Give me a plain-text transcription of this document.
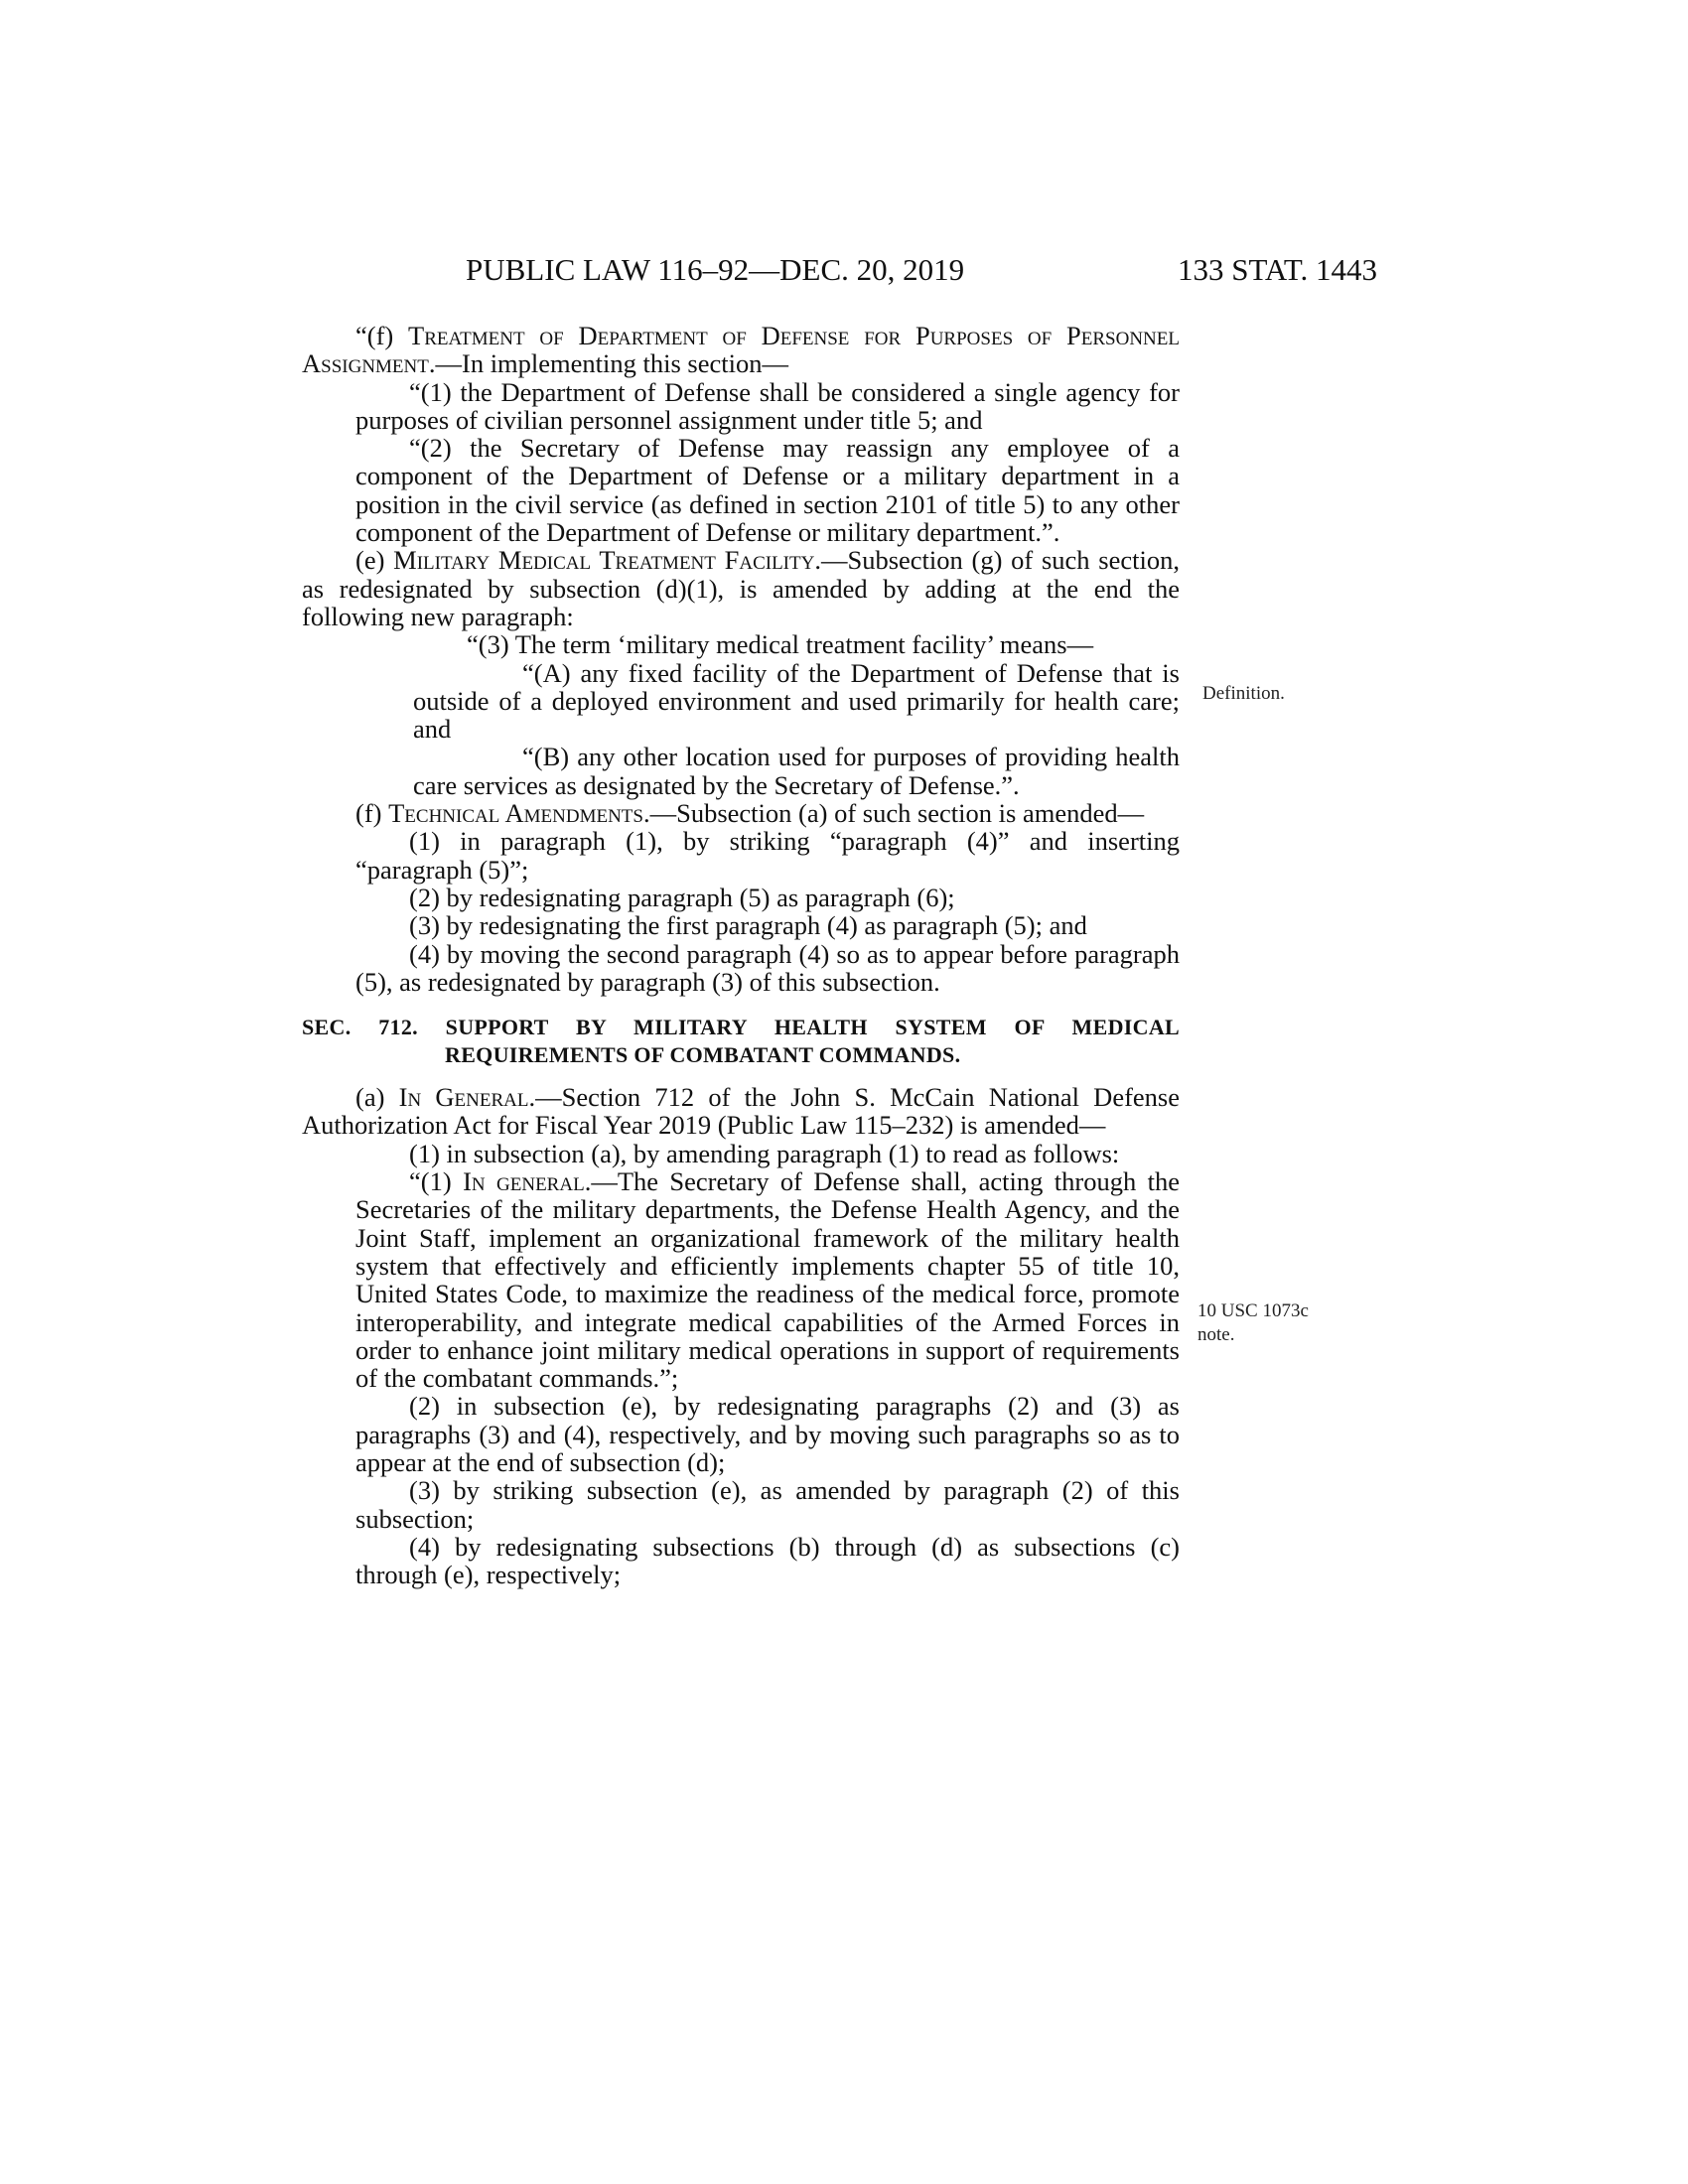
PUBLIC LAW 116–92—DEC. 20, 2019	133 STAT. 1443
Definition.
10 USC 1073c
note.

“(f) Treatment of Department of Defense for Purposes of Personnel Assignment.—In implementing this section—

“(1) the Department of Defense shall be considered a single agency for purposes of civilian personnel assignment under title 5; and

“(2) the Secretary of Defense may reassign any employee of a component of the Department of Defense or a military department in a position in the civil service (as defined in section 2101 of title 5) to any other component of the Department of Defense or military department.”.

(e) Military Medical Treatment Facility.—Subsection (g) of such section, as redesignated by subsection (d)(1), is amended by adding at the end the following new paragraph:

“(3) The term ‘military medical treatment facility’ means—

“(A) any fixed facility of the Department of Defense that is outside of a deployed environment and used primarily for health care; and

“(B) any other location used for purposes of providing health care services as designated by the Secretary of Defense.”.

(f) Technical Amendments.—Subsection (a) of such section is amended—

(1) in paragraph (1), by striking “paragraph (4)” and inserting “paragraph (5)”;

(2) by redesignating paragraph (5) as paragraph (6);

(3) by redesignating the first paragraph (4) as paragraph (5); and

(4) by moving the second paragraph (4) so as to appear before paragraph (5), as redesignated by paragraph (3) of this subsection.

SEC. 712. SUPPORT BY MILITARY HEALTH SYSTEM OF MEDICAL REQUIREMENTS OF COMBATANT COMMANDS.

(a) In General.—Section 712 of the John S. McCain National Defense Authorization Act for Fiscal Year 2019 (Public Law 115–232) is amended—

(1) in subsection (a), by amending paragraph (1) to read as follows:

“(1) In general.—The Secretary of Defense shall, acting through the Secretaries of the military departments, the Defense Health Agency, and the Joint Staff, implement an organizational framework of the military health system that effectively and efficiently implements chapter 55 of title 10, United States Code, to maximize the readiness of the medical force, promote interoperability, and integrate medical capabilities of the Armed Forces in order to enhance joint military medical operations in support of requirements of the combatant commands.”;

(2) in subsection (e), by redesignating paragraphs (2) and (3) as paragraphs (3) and (4), respectively, and by moving such paragraphs so as to appear at the end of subsection (d);

(3) by striking subsection (e), as amended by paragraph (2) of this subsection;

(4) by redesignating subsections (b) through (d) as subsections (c) through (e), respectively;
